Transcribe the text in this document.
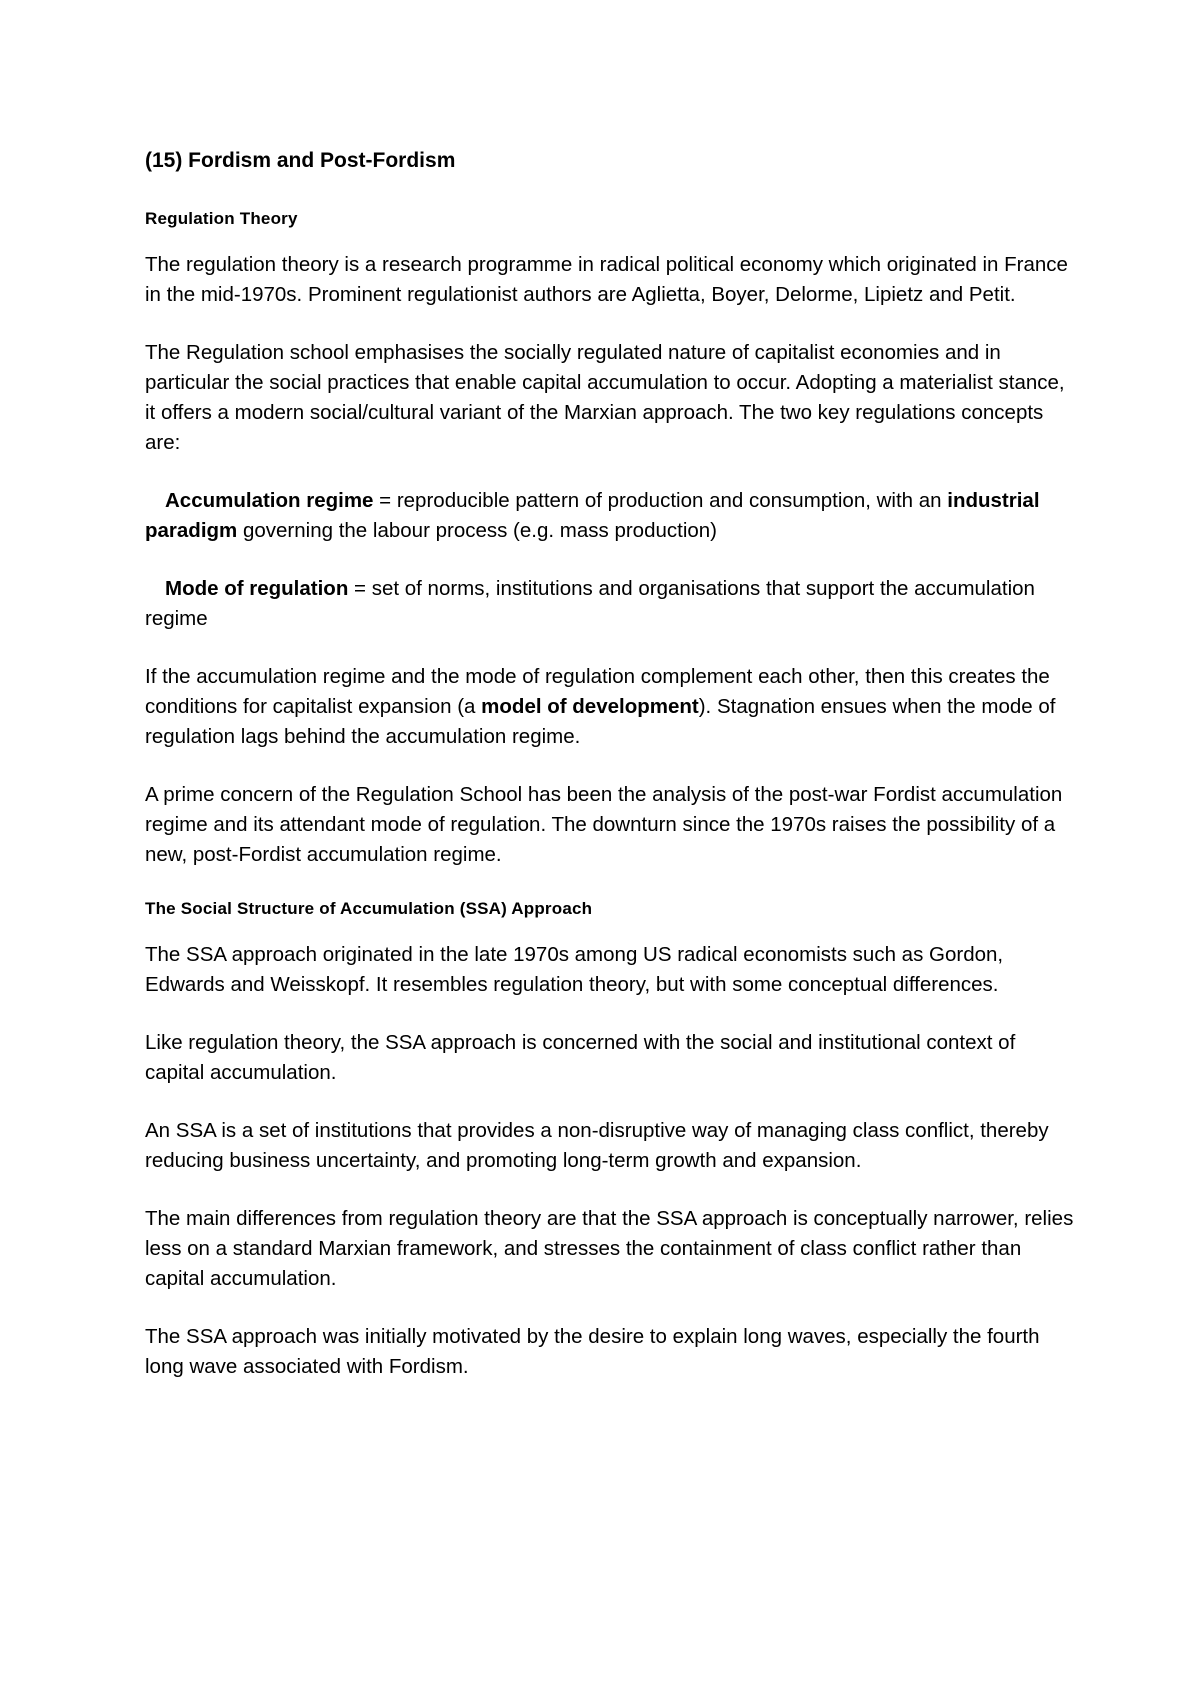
(15) Fordism and Post-Fordism
Regulation Theory

The regulation theory is a research programme in radical political economy which originated in France in the mid-1970s. Prominent regulationist authors are Aglietta, Boyer, Delorme, Lipietz and Petit.

The Regulation school emphasises the socially regulated nature of capitalist economies and in particular the social practices that enable capital accumulation to occur. Adopting a materialist stance, it offers a modern social/cultural variant of the Marxian approach. The two key regulations concepts are:

Accumulation regime = reproducible pattern of production and consumption, with an industrial paradigm governing the labour process (e.g. mass production)

Mode of regulation = set of norms, institutions and organisations that support the accumulation regime

If the accumulation regime and the mode of regulation complement each other, then this creates the conditions for capitalist expansion (a model of development). Stagnation ensues when the mode of regulation lags behind the accumulation regime.

A prime concern of the Regulation School has been the analysis of the post-war Fordist accumulation regime and its attendant mode of regulation. The downturn since the 1970s raises the possibility of a new, post-Fordist accumulation regime.

The Social Structure of Accumulation (SSA) Approach

The SSA approach originated in the late 1970s among US radical economists such as Gordon, Edwards and Weisskopf. It resembles regulation theory, but with some conceptual differences.

Like regulation theory, the SSA approach is concerned with the social and institutional context of capital accumulation.

An SSA is a set of institutions that provides a non-disruptive way of managing class conflict, thereby reducing business uncertainty, and promoting long-term growth and expansion.

The main differences from regulation theory are that the SSA approach is conceptually narrower, relies less on a standard Marxian framework, and stresses the containment of class conflict rather than capital accumulation.

The SSA approach was initially motivated by the desire to explain long waves, especially the fourth long wave associated with Fordism.
